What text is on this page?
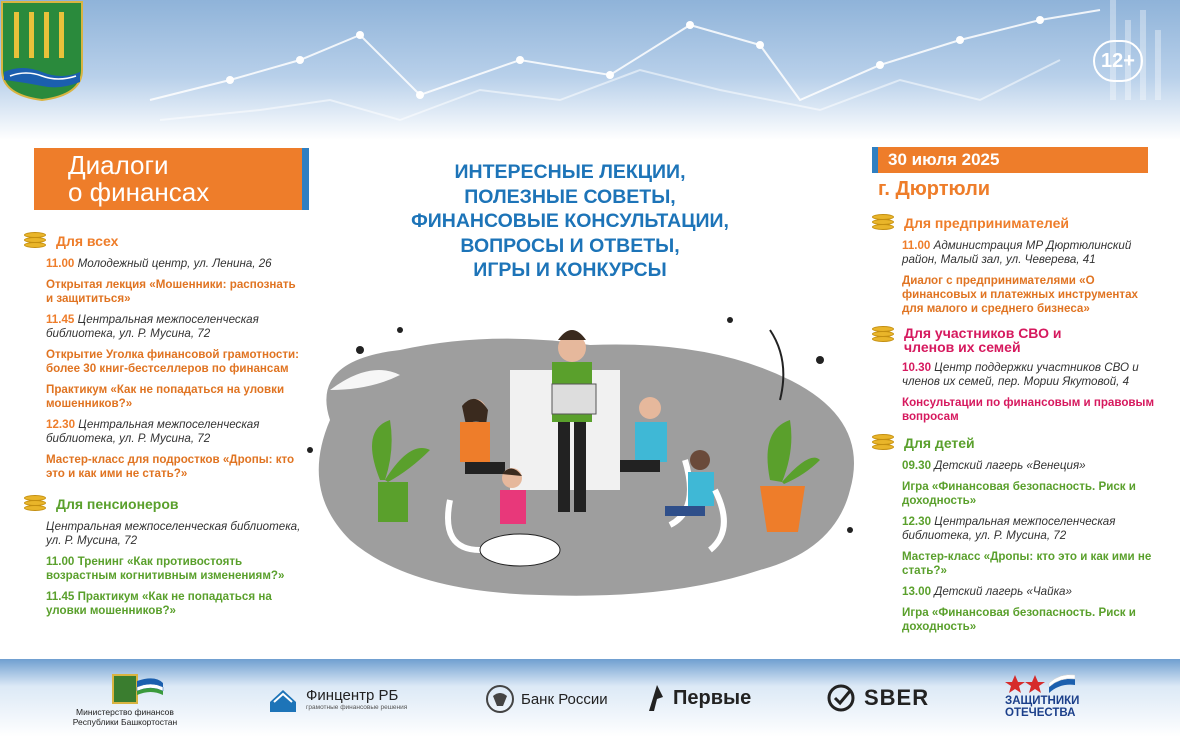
12+
Диалоги
о финансах
ИНТЕРЕСНЫЕ ЛЕКЦИИ,
ПОЛЕЗНЫЕ СОВЕТЫ,
ФИНАНСОВЫЕ КОНСУЛЬТАЦИИ,
ВОПРОСЫ И ОТВЕТЫ,
ИГРЫ И КОНКУРСЫ
30 июля 2025
г. Дюртюли
Для всех
11.00 Молодежный центр, ул. Ленина, 26
Открытая лекция «Мошенники: распознать и защититься»
11.45 Центральная межпоселенческая библиотека, ул. Р. Мусина, 72
Открытие Уголка финансовой грамотности: более 30 книг-бестселлеров по финансам
Практикум «Как не попадаться на уловки мошенников?»
12.30 Центральная межпоселенческая библиотека, ул. Р. Мусина, 72
Мастер-класс для подростков «Дропы: кто это и как ими не стать?»
Для пенсионеров
Центральная межпоселенческая библиотека, ул. Р. Мусина, 72
11.00 Тренинг «Как противостоять возрастным когнитивным изменениям?»
11.45 Практикум «Как не попадаться на уловки мошенников?»
Для предпринимателей
11.00 Администрация МР Дюртюлинский район, Малый зал, ул. Чеверева, 41
Диалог с предпринимателями «О финансовых и платежных инструментах для малого и среднего бизнеса»
Для участников СВО и членов их семей
10.30 Центр поддержки участников СВО и членов их семей, пер. Мории Якутовой, 4
Консультации по финансовым и правовым вопросам
Для детей
09.30 Детский лагерь «Венеция»
Игра «Финансовая безопасность. Риск и доходность»
12.30 Центральная межпоселенческая библиотека, ул. Р. Мусина, 72
Мастер-класс «Дропы: кто это и как ими не стать?»
13.00 Детский лагерь «Чайка»
Игра «Финансовая безопасность. Риск и доходность»
Министерство финансов
Республики Башкортостан
Финцентр РБ
грамотные финансовые решения	Банк России	Первые	SBER	ЗАЩИТНИКИ
ОТЕЧЕСТВА
